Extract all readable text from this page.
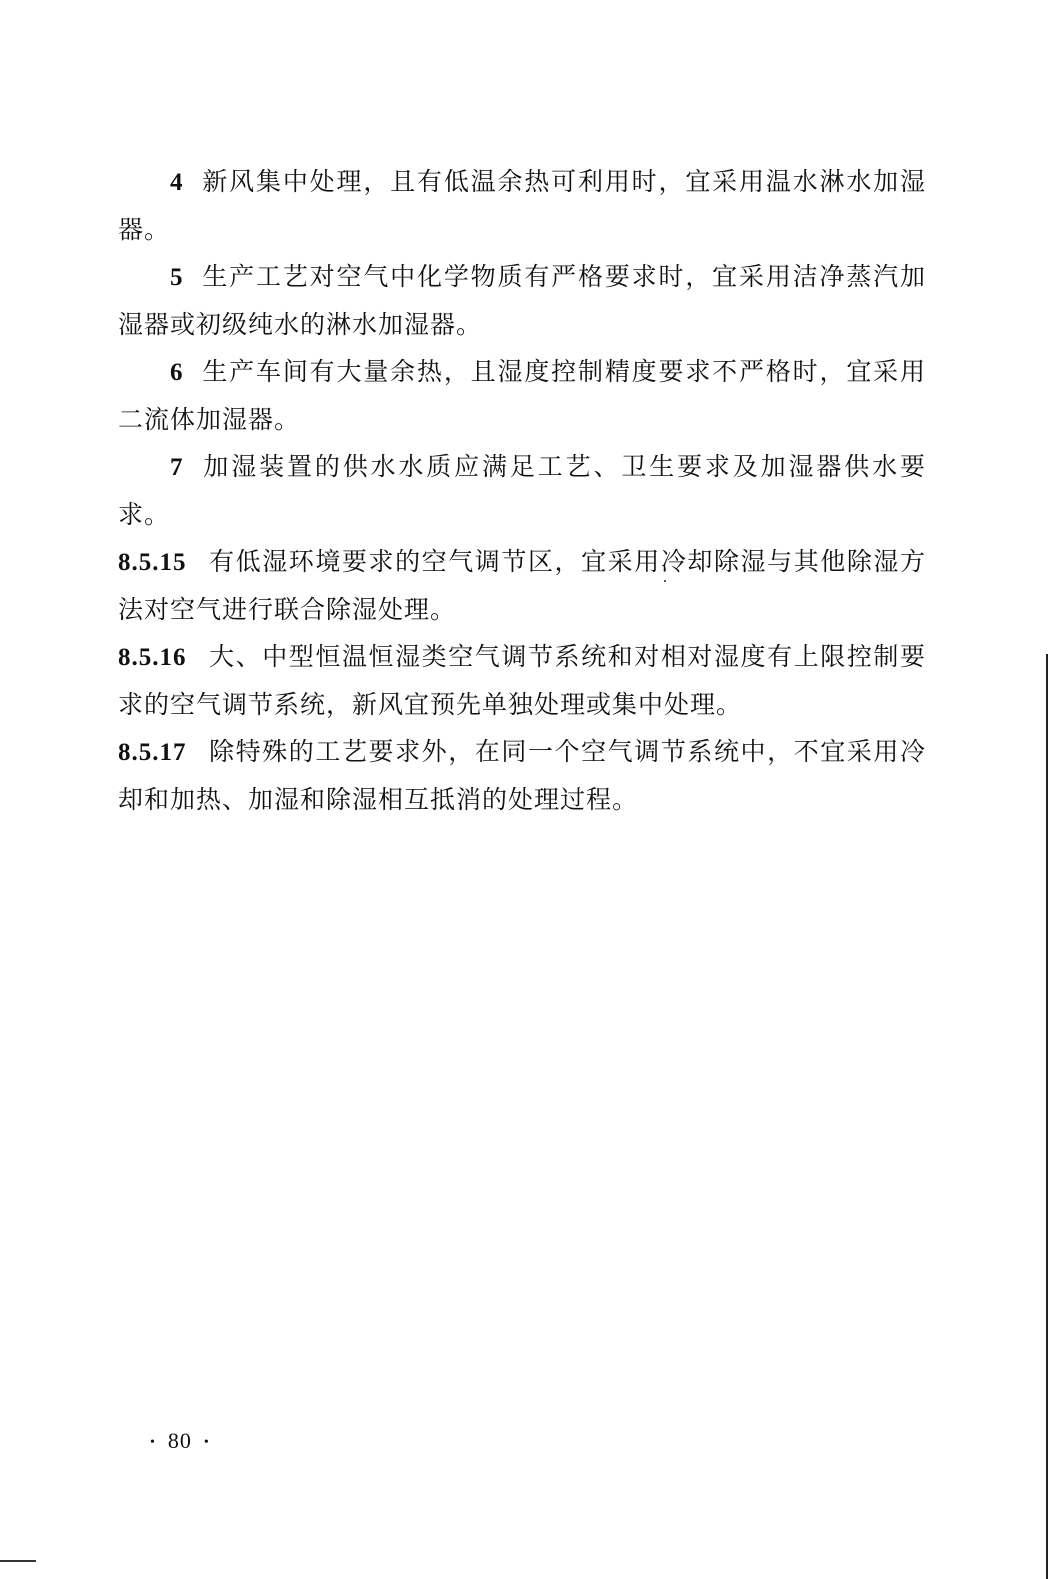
4 新风集中处理，且有低温余热可利用时，宜采用温水淋水加湿器。

5 生产工艺对空气中化学物质有严格要求时，宜采用洁净蒸汽加湿器或初级纯水的淋水加湿器。

6 生产车间有大量余热，且湿度控制精度要求不严格时，宜采用二流体加湿器。

7 加湿装置的供水水质应满足工艺、卫生要求及加湿器供水要求。

8.5.15 有低湿环境要求的空气调节区，宜采用冷却除湿与其他除湿方法对空气进行联合除湿处理。

8.5.16 大、中型恒温恒湿类空气调节系统和对相对湿度有上限控制要求的空气调节系统，新风宜预先单独处理或集中处理。

8.5.17 除特殊的工艺要求外，在同一个空气调节系统中，不宜采用冷却和加热、加湿和除湿相互抵消的处理过程。

• 80 •
